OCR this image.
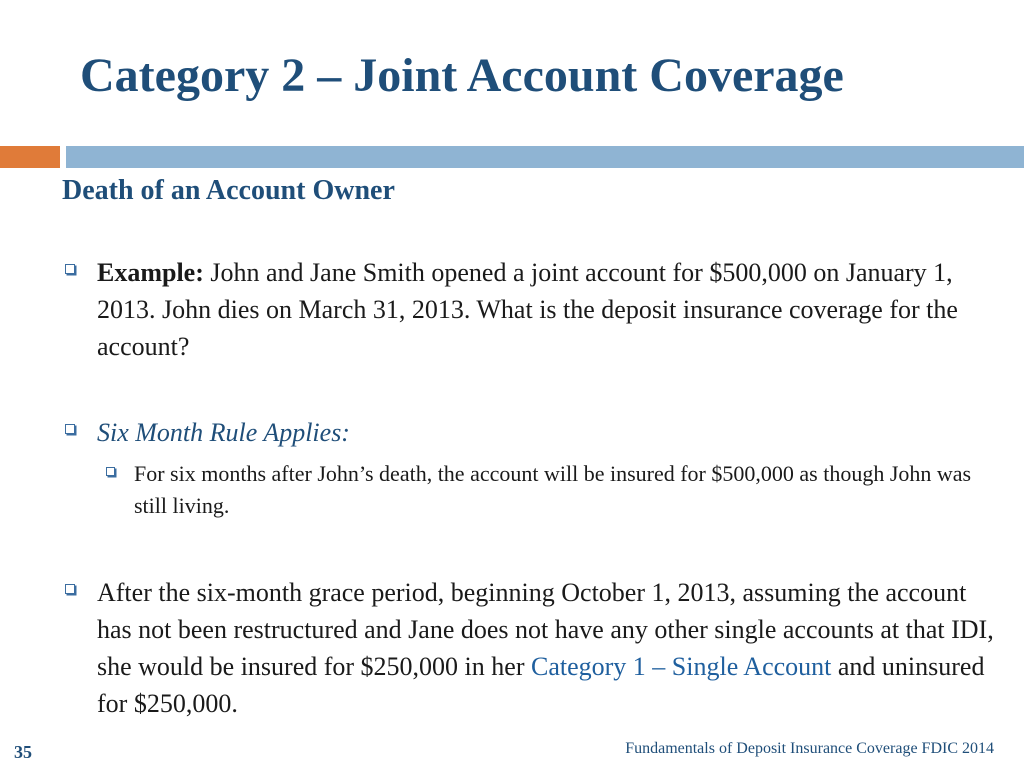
Category 2 – Joint Account Coverage
Death of an Account Owner
Example: John and Jane Smith opened a joint account for $500,000 on January 1, 2013. John dies on March 31, 2013. What is the deposit insurance coverage for the account?
Six Month Rule Applies:
For six months after John’s death, the account will be insured for $500,000 as though John was still living.
After the six-month grace period, beginning October 1, 2013, assuming the account has not been restructured and Jane does not have any other single accounts at that IDI, she would be insured for $250,000 in her Category 1 – Single Account and uninsured for $250,000.
35	Fundamentals of Deposit Insurance Coverage FDIC 2014
